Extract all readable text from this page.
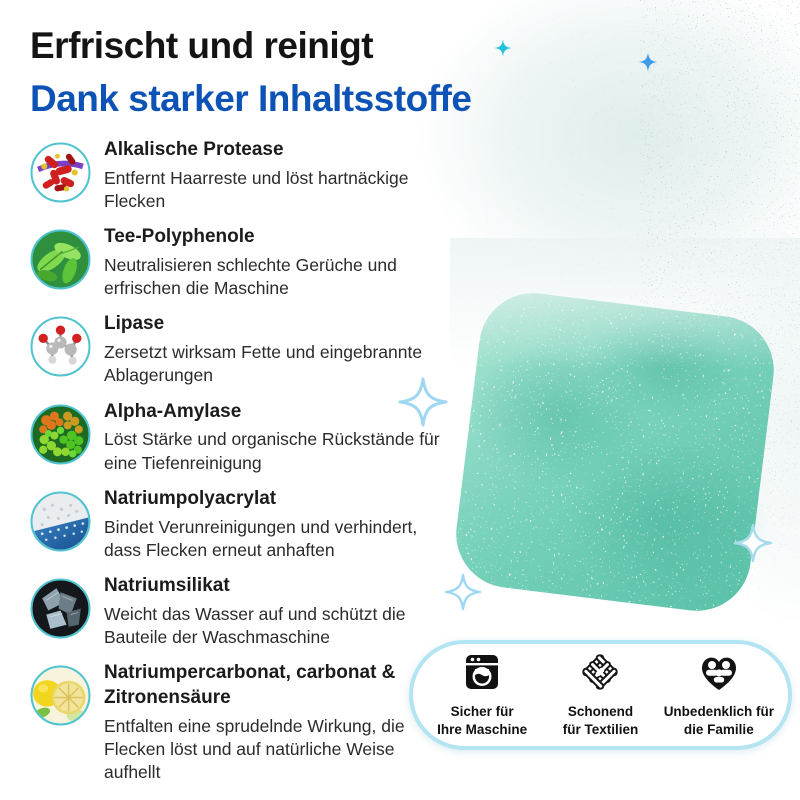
Erfrischt und reinigt
Dank starker Inhaltsstoffe

Alkalische Protease

Entfernt Haarreste und löst hartnäckige Flecken

Tee-Polyphenole

Neutralisieren schlechte Gerüche und erfrischen die Maschine

Lipase

Zersetzt wirksam Fette und eingebrannte Ablagerungen

Alpha-Amylase

Löst Stärke und organische Rückstände für eine Tiefenreinigung

Natriumpolyacrylat

Bindet Verunreinigungen und verhindert, dass Flecken erneut anhaften

Natriumsilikat

Weicht das Wasser auf und schützt die Bauteile der Waschmaschine

Natriumpercarbonat, carbonat & Zitronensäure

Entfalten eine sprudelnde Wirkung, die Flecken löst und auf natürliche Weise aufhellt

Sicher für
Ihre Maschine
Schonend
für Textilien
Unbedenklich für
die Familie
